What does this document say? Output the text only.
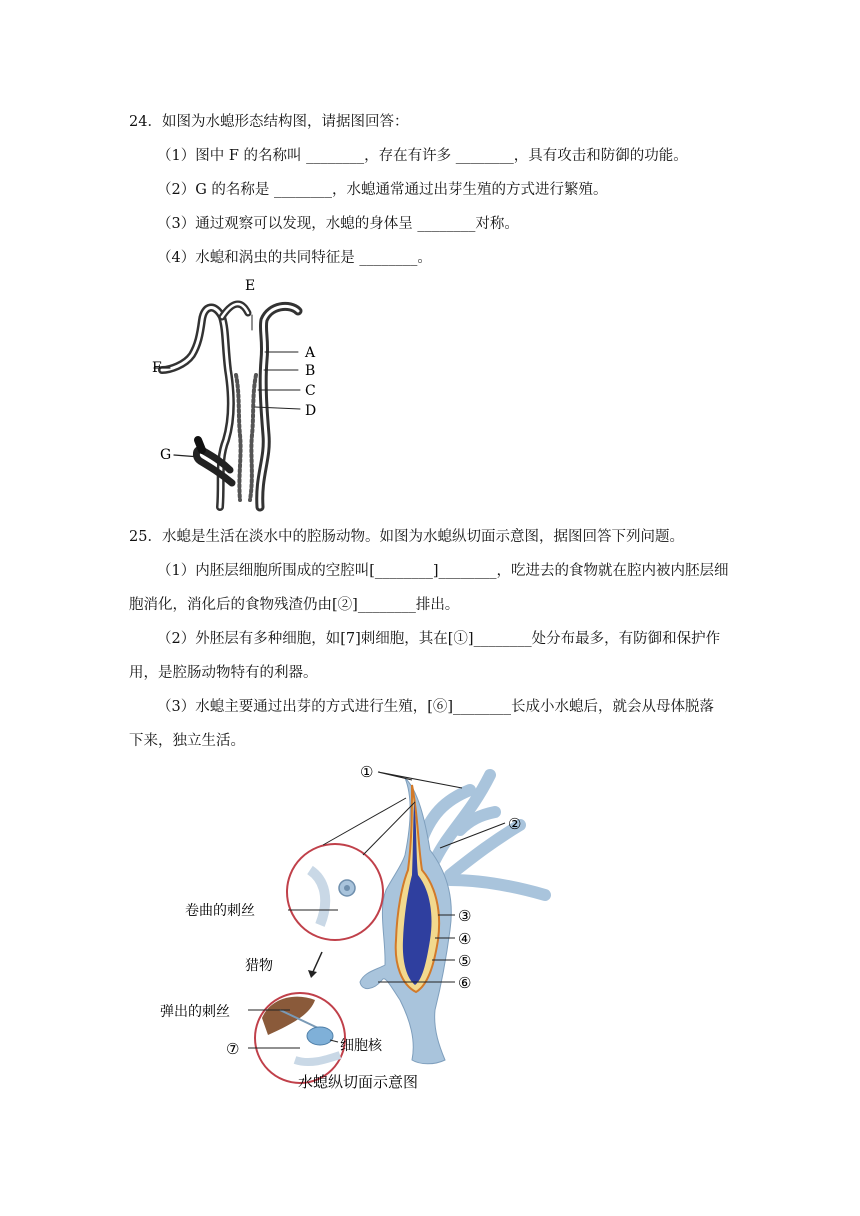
24．如图为水螅形态结构图，请据图回答：
（1）图中 F 的名称叫 ________，存在有许多 ________，具有攻击和防御的功能。
（2）G 的名称是 ________，水螅通常通过出芽生殖的方式进行繁殖。
（3）通过观察可以发现，水螅的身体呈 ________对称。
（4）水螅和涡虫的共同特征是 ________。
E
F
G
A
B
C
D
25．水螅是生活在淡水中的腔肠动物。如图为水螅纵切面示意图，据图回答下列问题。
（1）内胚层细胞所围成的空腔叫[________]________，吃进去的食物就在腔内被内胚层细
胞消化，消化后的食物残渣仍由[②]________排出。
（2）外胚层有多种细胞，如[7]刺细胞，其在[①]________处分布最多，有防御和保护作
用，是腔肠动物特有的利器。
（3）水螅主要通过出芽的方式进行生殖，[⑥]________长成小水螅后，就会从母体脱落
下来，独立生活。
①
②
③
④
⑤
⑥
⑦
卷曲的刺丝
猎物
弹出的刺丝
细胞核
水螅纵切面示意图
